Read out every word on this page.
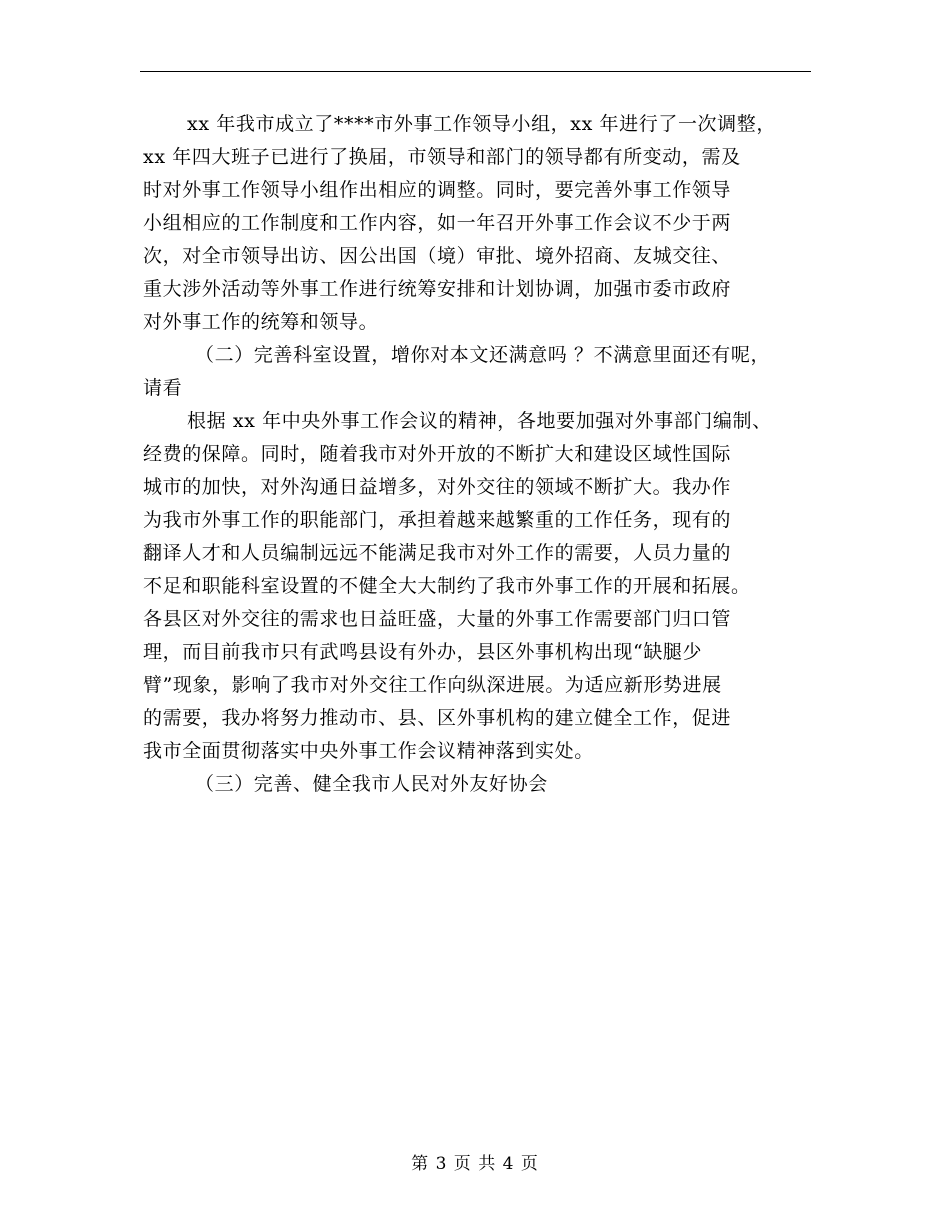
xx 年我市成立了****市外事工作领导小组，xx 年进行了一次调整，
xx 年四大班子已进行了换届，市领导和部门的领导都有所变动，需及
时对外事工作领导小组作出相应的调整。同时，要完善外事工作领导
小组相应的工作制度和工作内容，如一年召开外事工作会议不少于两
次，对全市领导出访、因公出国（境）审批、境外招商、友城交往、
重大涉外活动等外事工作进行统筹安排和计划协调，加强市委市政府
对外事工作的统筹和领导。
（二）完善科室设置，增你对本文还满意吗 ？不满意里面还有呢，
请看
根据 xx 年中央外事工作会议的精神，各地要加强对外事部门编制、
经费的保障。同时，随着我市对外开放的不断扩大和建设区域性国际
城市的加快，对外沟通日益增多，对外交往的领域不断扩大。我办作
为我市外事工作的职能部门，承担着越来越繁重的工作任务，现有的
翻译人才和人员编制远远不能满足我市对外工作的需要，人员力量的
不足和职能科室设置的不健全大大制约了我市外事工作的开展和拓展。
各县区对外交往的需求也日益旺盛，大量的外事工作需要部门归口管
理，而目前我市只有武鸣县设有外办，县区外事机构出现“缺腿少
臂”现象，影响了我市对外交往工作向纵深进展。为适应新形势进展
的需要，我办将努力推动市、县、区外事机构的建立健全工作，促进
我市全面贯彻落实中央外事工作会议精神落到实处。
（三）完善、健全我市人民对外友好协会
第 3 页 共 4 页
